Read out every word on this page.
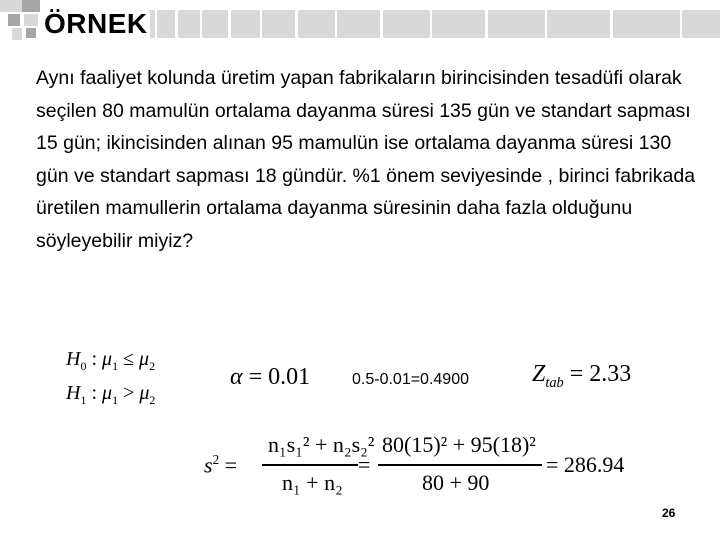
ÖRNEK
Aynı faaliyet kolunda üretim yapan fabrikaların birincisinden tesadüfi olarak seçilen 80 mamulün ortalama dayanma süresi 135 gün ve standart sapması 15 gün; ikincisinden alınan 95 mamulün ise ortalama dayanma süresi 130 gün ve standart sapması 18 gündür. %1 önem seviyesinde , birinci fabrikada üretilen mamullerin ortalama dayanma süresinin daha fazla olduğunu söyleyebilir miyiz?
$H_0$ : $\mu_1 \le \mu_2$
$H_1$ : $\mu_1 > \mu_2$
α = 0.01	0.5-0.01=0.4900	$Z_{tab} = 2.33$
$s^2$ =
n₁s₁² + n₂s₂²
n₁ + n₂
=
80(15)² + 95(18)²
80 + 90
= 286.94
26
